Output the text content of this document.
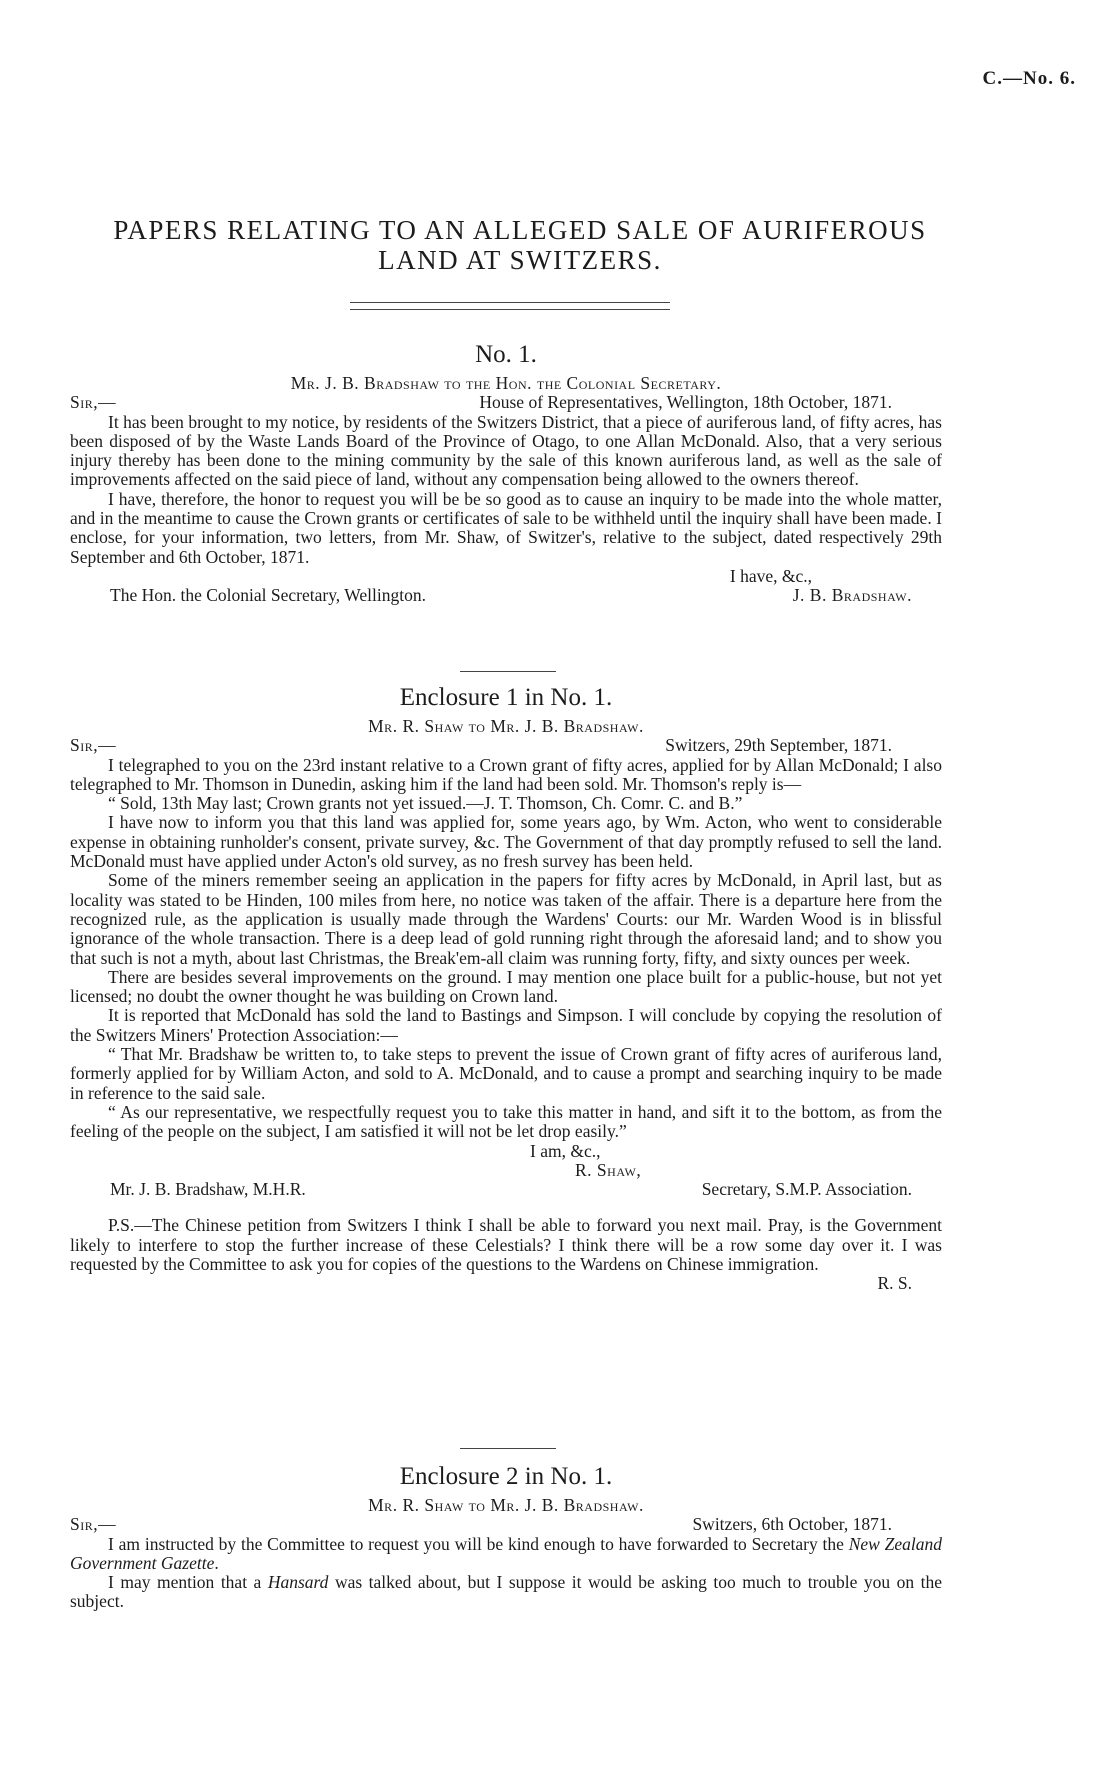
C.—No. 6.
PAPERS RELATING TO AN ALLEGED SALE OF AURIFEROUS
LAND AT SWITZERS.
No. 1.
Mr. J. B. Bradshaw to the Hon. the Colonial Secretary.
Sir,—	House of Representatives, Wellington, 18th October, 1871.

It has been brought to my notice, by residents of the Switzers District, that a piece of auriferous land, of fifty acres, has been disposed of by the Waste Lands Board of the Province of Otago, to one Allan McDonald. Also, that a very serious injury thereby has been done to the mining community by the sale of this known auriferous land, as well as the sale of improvements affected on the said piece of land, without any compensation being allowed to the owners thereof.

I have, therefore, the honor to request you will be be so good as to cause an inquiry to be made into the whole matter, and in the meantime to cause the Crown grants or certificates of sale to be withheld until the inquiry shall have been made. I enclose, for your information, two letters, from Mr. Shaw, of Switzer's, relative to the subject, dated respectively 29th September and 6th October, 1871.

I have, &c.,
The Hon. the Colonial Secretary, Wellington.	J. B. Bradshaw.
Enclosure 1 in No. 1.
Mr. R. Shaw to Mr. J. B. Bradshaw.
Sir,—	Switzers, 29th September, 1871.

I telegraphed to you on the 23rd instant relative to a Crown grant of fifty acres, applied for by Allan McDonald; I also telegraphed to Mr. Thomson in Dunedin, asking him if the land had been sold. Mr. Thomson's reply is—

“ Sold, 13th May last; Crown grants not yet issued.—J. T. Thomson, Ch. Comr. C. and B.”

I have now to inform you that this land was applied for, some years ago, by Wm. Acton, who went to considerable expense in obtaining runholder's consent, private survey, &c. The Government of that day promptly refused to sell the land. McDonald must have applied under Acton's old survey, as no fresh survey has been held.

Some of the miners remember seeing an application in the papers for fifty acres by McDonald, in April last, but as locality was stated to be Hinden, 100 miles from here, no notice was taken of the affair. There is a departure here from the recognized rule, as the application is usually made through the Wardens' Courts: our Mr. Warden Wood is in blissful ignorance of the whole transaction. There is a deep lead of gold running right through the aforesaid land; and to show you that such is not a myth, about last Christmas, the Break'em-all claim was running forty, fifty, and sixty ounces per week.

There are besides several improvements on the ground. I may mention one place built for a public-house, but not yet licensed; no doubt the owner thought he was building on Crown land.

It is reported that McDonald has sold the land to Bastings and Simpson. I will conclude by copying the resolution of the Switzers Miners' Protection Association:—

“ That Mr. Bradshaw be written to, to take steps to prevent the issue of Crown grant of fifty acres of auriferous land, formerly applied for by William Acton, and sold to A. McDonald, and to cause a prompt and searching inquiry to be made in reference to the said sale.

“ As our representative, we respectfully request you to take this matter in hand, and sift it to the bottom, as from the feeling of the people on the subject, I am satisfied it will not be let drop easily.”

I am, &c.,
R. Shaw,
Mr. J. B. Bradshaw, M.H.R.	Secretary, S.M.P. Association.

P.S.—The Chinese petition from Switzers I think I shall be able to forward you next mail. Pray, is the Government likely to interfere to stop the further increase of these Celestials? I think there will be a row some day over it. I was requested by the Committee to ask you for copies of the questions to the Wardens on Chinese immigration.

R. S.
Enclosure 2 in No. 1.
Mr. R. Shaw to Mr. J. B. Bradshaw.
Sir,—	Switzers, 6th October, 1871.

I am instructed by the Committee to request you will be kind enough to have forwarded to Secretary the New Zealand Government Gazette.

I may mention that a Hansard was talked about, but I suppose it would be asking too much to trouble you on the subject.
